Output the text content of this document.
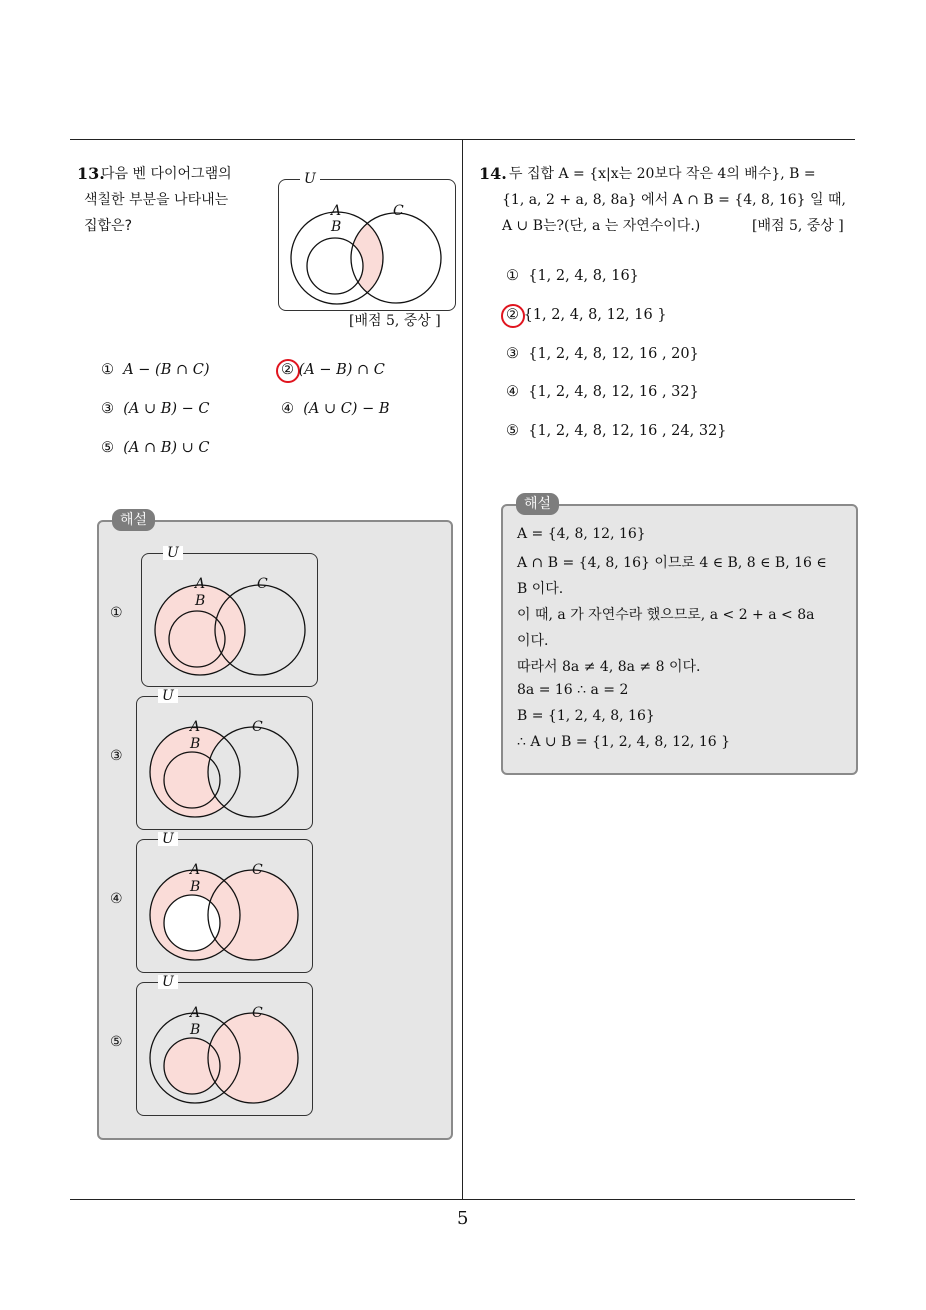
13.
다음 벤 다이어그램의
색칠한 부분을 나타내는
집합은?
U
A
B
C
[배점 5, 중상 ]
① A − (B ∩ C)	② (A − B) ∩ C
③ (A ∪ B) − C	④ (A ∪ C) − B
⑤ (A ∩ B) ∪ C
해설
①
U
A
B
C
③
U
A
B
C
④
U
A
B
C
⑤
U
A
B
C
14. 두 집합 A = {x|x는 20보다 작은 4의 배수}, B =
{1, a, 2 + a, 8, 8a} 에서 A ∩ B = {4, 8, 16} 일 때,
A ∪ B는?(단, a 는 자연수이다.)	[배점 5, 중상 ]
① {1, 2, 4, 8, 16}
② {1, 2, 4, 8, 12, 16 }
③ {1, 2, 4, 8, 12, 16 , 20}
④ {1, 2, 4, 8, 12, 16 , 32}
⑤ {1, 2, 4, 8, 12, 16 , 24, 32}
A = {4, 8, 12, 16}
A ∩ B = {4, 8, 16} 이므로 4 ∈ B, 8 ∈ B, 16 ∈
B 이다.
이 때, a 가 자연수라 했으므로, a < 2 + a < 8a
이다.
따라서 8a ≠ 4, 8a ≠ 8 이다.
8a = 16 ∴ a = 2
B = {1, 2, 4, 8, 16}
∴ A ∪ B = {1, 2, 4, 8, 12, 16 }
해설
5
